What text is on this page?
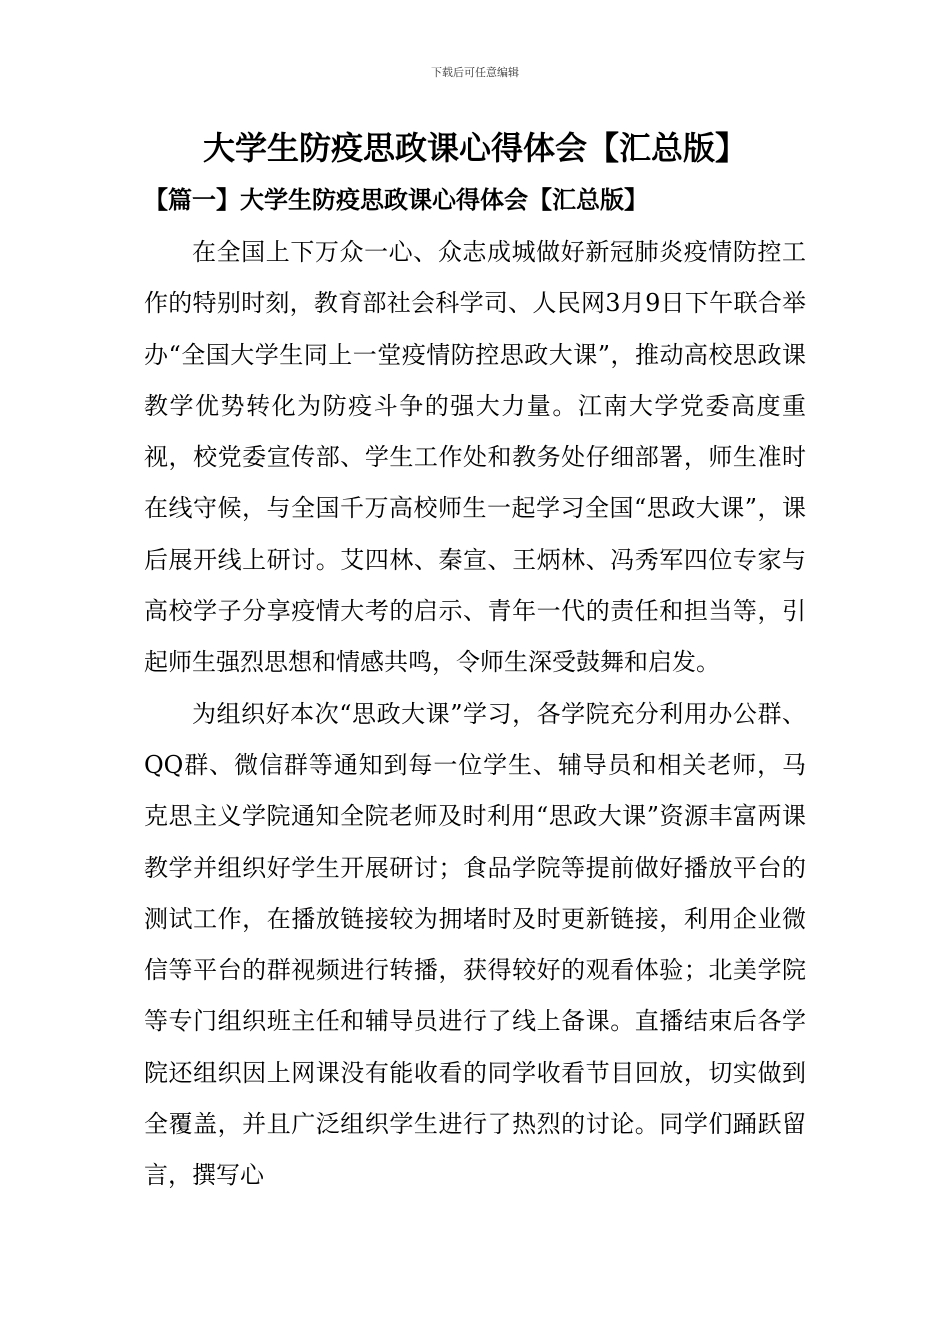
下载后可任意编辑
大学生防疫思政课心得体会【汇总版】
【篇一】大学生防疫思政课心得体会【汇总版】

在全国上下万众一心、众志成城做好新冠肺炎疫情防控工作的特别时刻，教育部社会科学司、人民网3月9日下午联合举办“全国大学生同上一堂疫情防控思政大课”，推动高校思政课教学优势转化为防疫斗争的强大力量。江南大学党委高度重视，校党委宣传部、学生工作处和教务处仔细部署，师生准时在线守候，与全国千万高校师生一起学习全国“思政大课”，课后展开线上研讨。艾四林、秦宣、王炳林、冯秀军四位专家与高校学子分享疫情大考的启示、青年一代的责任和担当等，引起师生强烈思想和情感共鸣，令师生深受鼓舞和启发。

为组织好本次“思政大课”学习，各学院充分利用办公群、QQ群、微信群等通知到每一位学生、辅导员和相关老师，马克思主义学院通知全院老师及时利用“思政大课”资源丰富两课教学并组织好学生开展研讨；食品学院等提前做好播放平台的测试工作，在播放链接较为拥堵时及时更新链接，利用企业微信等平台的群视频进行转播，获得较好的观看体验；北美学院等专门组织班主任和辅导员进行了线上备课。直播结束后各学院还组织因上网课没有能收看的同学收看节目回放，切实做到全覆盖，并且广泛组织学生进行了热烈的讨论。同学们踊跃留言，撰写心
